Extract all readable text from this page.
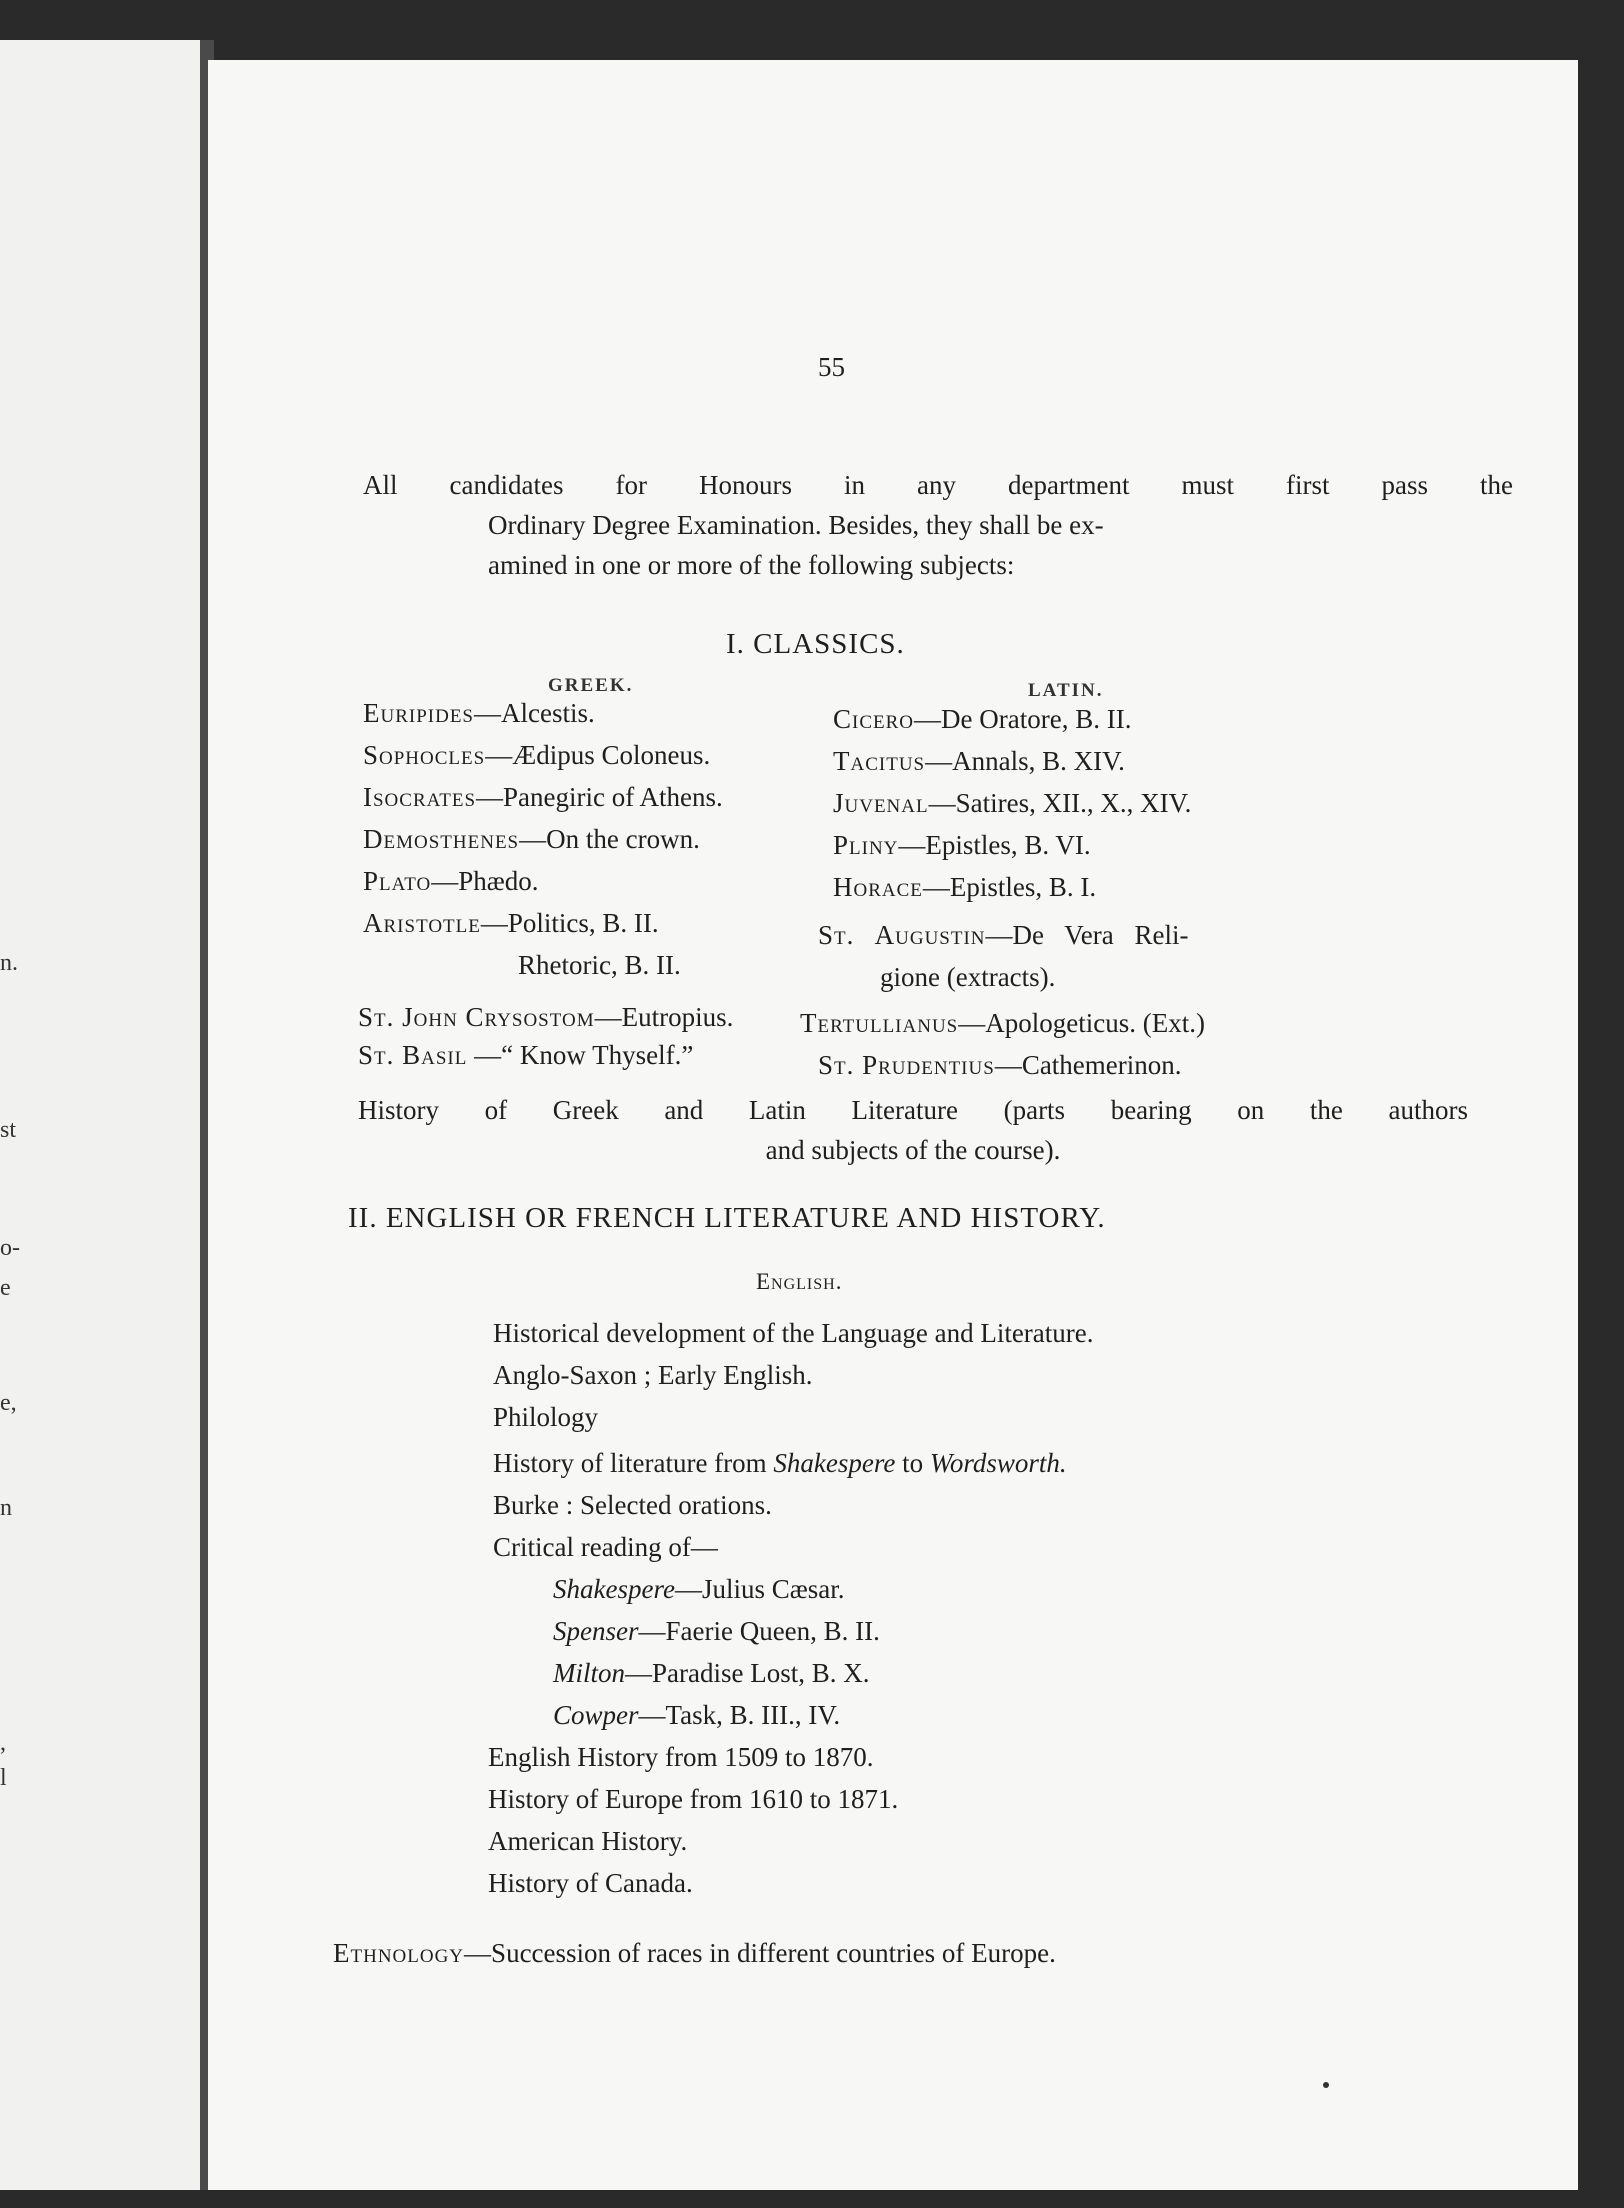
n.
st
o-
e
e,
n
,
l
55
All candidates for Honours in any department must first pass the
Ordinary Degree Examination. Besides, they shall be ex-
amined in one or more of the following subjects:
I. CLASSICS.
GREEK.	LATIN.
Euripides—Alcestis.
Sophocles—Ædipus Coloneus.
Isocrates—Panegiric of Athens.
Demosthenes—On the crown.
Plato—Phædo.
Aristotle—Politics, B. II.
Rhetoric, B. II.
Cicero—De Oratore, B. II.
Tacitus—Annals, B. XIV.
Juvenal—Satires, XII., X., XIV.
Pliny—Epistles, B. VI.
Horace—Epistles, B. I.
St. Augustin—De Vera Reli-
gione (extracts).
St. John Crysostom—Eutropius. Tertullianus—Apologeticus. (Ext.)
St. Basil —“ Know Thyself.”	St. Prudentius—Cathemerinon.
History of Greek and Latin Literature (parts bearing on the authors
and subjects of the course).
II. ENGLISH OR FRENCH LITERATURE AND HISTORY.
English.
Historical development of the Language and Literature.
Anglo-Saxon ; Early English.
Philology
History of literature from Shakespere to Wordsworth.
Burke : Selected orations.
Critical reading of—
Shakespere—Julius Cæsar.
Spenser—Faerie Queen, B. II.
Milton—Paradise Lost, B. X.
Cowper—Task, B. III., IV.
English History from 1509 to 1870.
History of Europe from 1610 to 1871.
American History.
History of Canada.
Ethnology—Succession of races in different countries of Europe.
